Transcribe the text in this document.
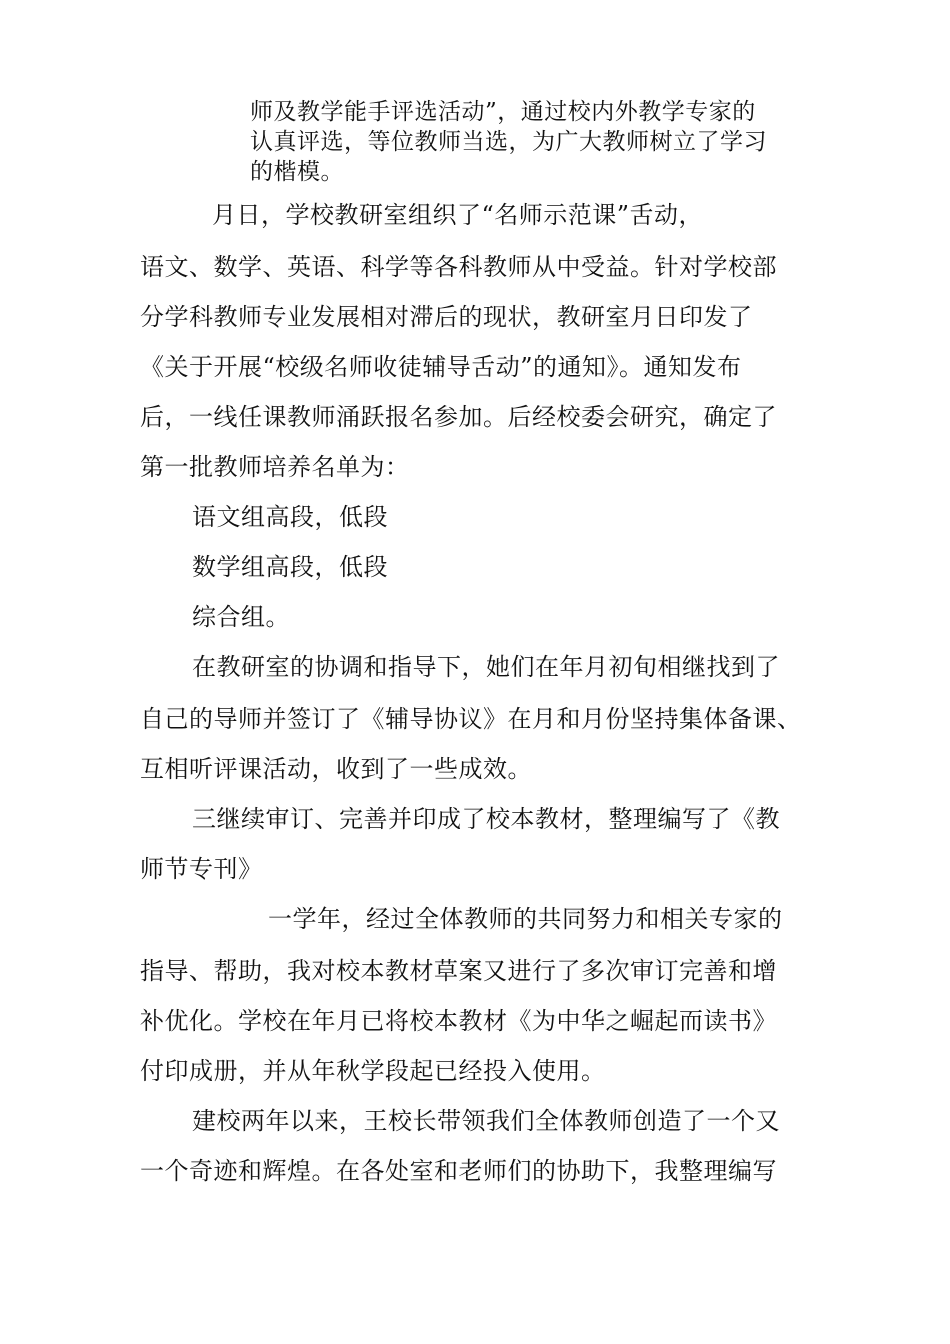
师及教学能手评选活动”，通过校内外教学专家的
认真评选，等位教师当选，为广大教师树立了学习
的楷模。
月日，学校教研室组织了“名师示范课”舌动，
语文、数学、英语、科学等各科教师从中受益。针对学校部
分学科教师专业发展相对滞后的现状，教研室月日印发了
《关于开展“校级名师收徒辅导舌动”的通知》。通知发布
后，一线任课教师涌跃报名参加。后经校委会研究，确定了
第一批教师培养名单为：
语文组高段，低段
数学组高段，低段
综合组。
在教研室的协调和指导下，她们在年月初旬相继找到了
自己的导师并签订了《辅导协议》在月和月份坚持集体备课、
互相听评课活动，收到了一些成效。
三继续审订、完善并印成了校本教材，整理编写了《教
师节专刊》
一学年，经过全体教师的共同努力和相关专家的
指导、帮助，我对校本教材草案又进行了多次审订完善和增
补优化。学校在年月已将校本教材《为中华之崛起而读书》
付印成册，并从年秋学段起已经投入使用。
建校两年以来，王校长带领我们全体教师创造了一个又
一个奇迹和辉煌。在各处室和老师们的协助下，我整理编写
